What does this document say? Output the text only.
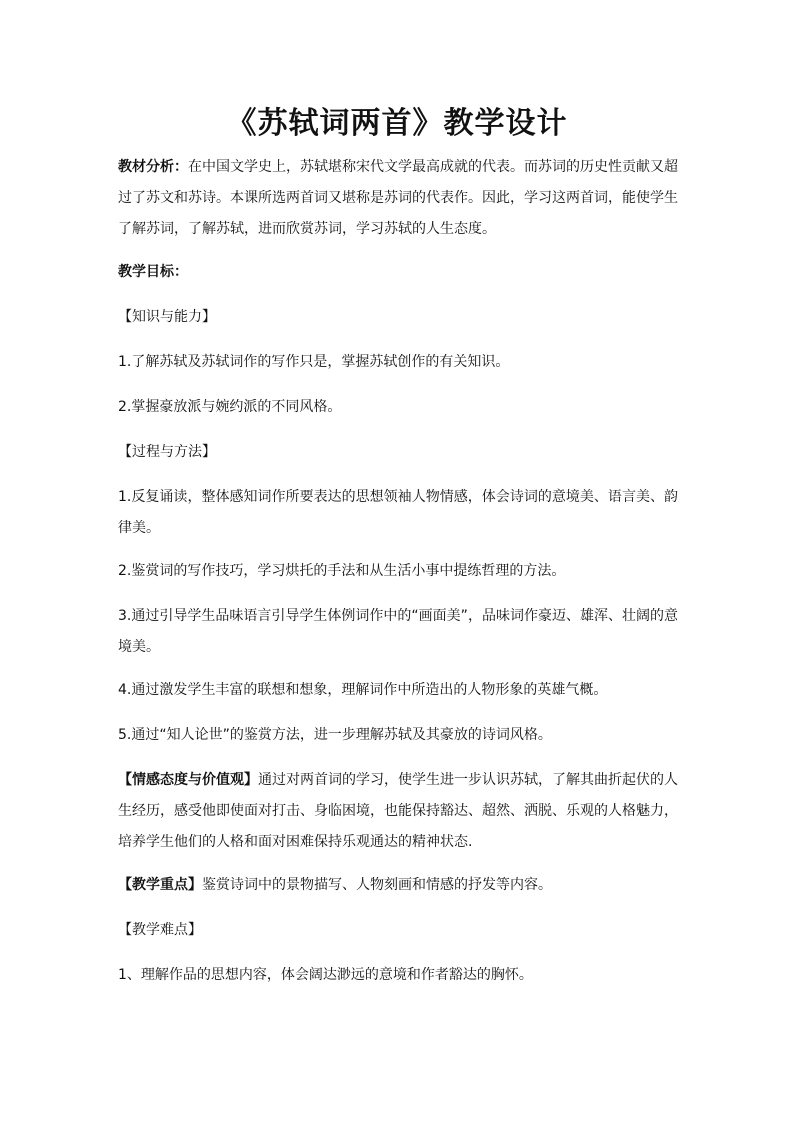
《苏轼词两首》教学设计

教材分析：在中国文学史上，苏轼堪称宋代文学最高成就的代表。而苏词的历史性贡献又超过了苏文和苏诗。本课所选两首词又堪称是苏词的代表作。因此，学习这两首词，能使学生了解苏词，了解苏轼，进而欣赏苏词，学习苏轼的人生态度。

教学目标：

【知识与能力】

1.了解苏轼及苏轼词作的写作只是，掌握苏轼创作的有关知识。

2.掌握豪放派与婉约派的不同风格。

【过程与方法】

1.反复诵读，整体感知词作所要表达的思想领袖人物情感，体会诗词的意境美、语言美、韵律美。

2.鉴赏词的写作技巧，学习烘托的手法和从生活小事中提练哲理的方法。

3.通过引导学生品味语言引导学生体例词作中的“画面美”，品味词作豪迈、雄浑、壮阔的意境美。

4.通过激发学生丰富的联想和想象，理解词作中所造出的人物形象的英雄气概。

5.通过“知人论世”的鉴赏方法，进一步理解苏轼及其豪放的诗词风格。

【情感态度与价值观】通过对两首词的学习，使学生进一步认识苏轼，了解其曲折起伏的人生经历，感受他即使面对打击、身临困境，也能保持豁达、超然、洒脱、乐观的人格魅力，培养学生他们的人格和面对困难保持乐观通达的精神状态.

【教学重点】鉴赏诗词中的景物描写、人物刻画和情感的抒发等内容。

【教学难点】

1、理解作品的思想内容，体会阔达渺远的意境和作者豁达的胸怀。
